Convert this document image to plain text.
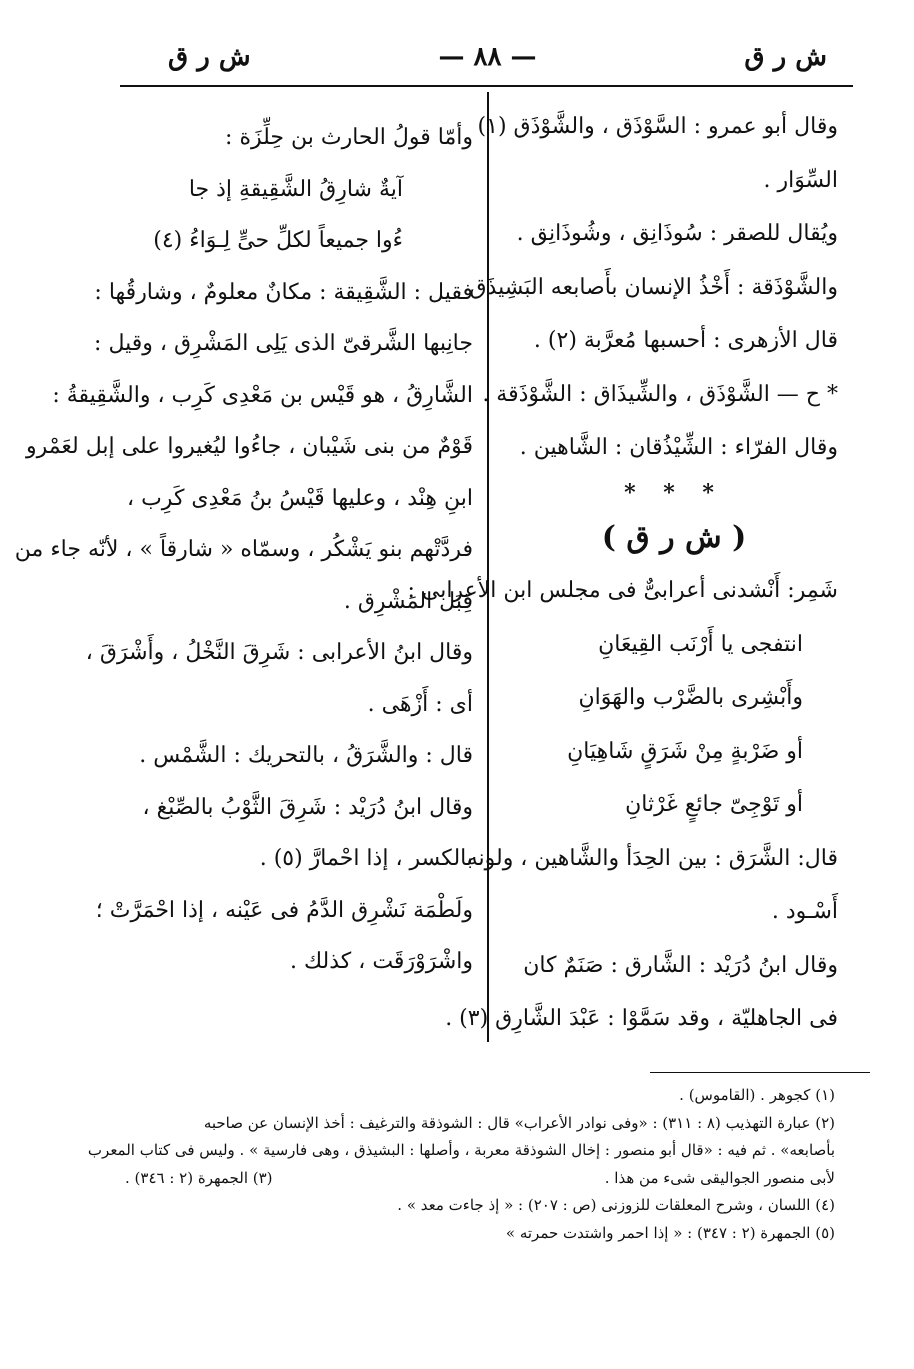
ش ر ق
— ٨٨ —
ش ر ق
وقال أبو عمرو : السَّوْذَق ، والشَّوْذَق (١)
السِّوَار .
ويُقال للصقر : سُوذَانِق ، وشُوذَانِق .
والشَّوْذَقة : أَخْذُ الإنسان بأَصابعه البَشِيذَق .
قال الأزهرى : أحسبها مُعرَّبة (٢) .
* ح — الشَّوْذَق ، والشِّيذَاق : الشَّوْذَقة .
وقال الفرّاء : الشِّيْذُقان : الشَّاهين .
* * *
( ش ر ق )
شَمِر: أَنْشدنى أعرابىٌّ فى مجلس ابن الأعرابى :
انتفجى يا أَرْنَب القِيعَانِ
وأَبْشِرى بالضَّرْب والهَوَانِ
أو ضَرْبةٍ مِنْ شَرَقٍ شَاهِيَانِ
أو تَوْجِىّ جائعٍ غَرْثانِ
قال: الشَّرَق : بين الحِدَأ والشَّاهين ، ولونه
أَسْـود .
وقال ابنُ دُرَيْد : الشَّارق : صَنَمٌ كان
فى الجاهليّة ، وقد سَمَّوْا : عَبْدَ الشَّارِق (٣) .
وأمّا قولُ الحارث بن حِلِّزَة :
آيةٌ شارِقُ الشَّقِيقةِ إذ جا
ءُوا جميعاً لكلِّ حىٍّ لِـوَاءُ (٤)
فقيل : الشَّقِيقة : مكانٌ معلومٌ ، وشارقُها :
جانِبها الشَّرقىّ الذى يَلِى المَشْرِق ، وقيل :
الشَّارِقُ ، هو قَيْس بن مَعْدِى كَرِب ، والشَّقِيقةُ :
قَوْمٌ من بنى شَيْبان ، جاءُوا ليُغيروا على إبل لعَمْرو
ابنِ هِنْد ، وعليها قَيْسُ بنُ مَعْدِى كَرِب ،
فردَّتْهم بنو يَشْكُر ، وسمّاه « شارقاً » ، لأنّه جاء من
قِبَل المَشْرِق .
وقال ابنُ الأعرابى : شَرِقَ النَّخْلُ ، وأَشْرَقَ ،
أى : أَزْهَى .
قال : والشَّرَقُ ، بالتحريك : الشَّمْس .
وقال ابنُ دُرَيْد : شَرِقَ الثَّوْبُ بالصِّبْغ ،
بالكسر ، إذا احْمارَّ (٥) .
ولَطْمَة نَشْرِق الدَّمُ فى عَيْنه ، إذا احْمَرَّتْ ؛
واشْرَوْرَقَت ، كذلك .
(١) كجوهر . (القاموس) .
(٢) عبارة التهذيب (٨ : ٣١١) : «وفى نوادر الأعراب» قال : الشوذقة والترغيف : أخذ الإنسان عن صاحبه
بأصابعه» . ثم فيه : «قال أبو منصور : إخال الشوذقة معربة ، وأصلها : البشيذق ، وهى فارسية » . وليس فى كتاب المعرب
لأبى منصور الجواليقى شىء من هذا .
(٣) الجمهرة (٢ : ٣٤٦) .
(٤) اللسان ، وشرح المعلقات للزوزنى (ص : ٢٠٧) : « إذ جاءت معد » .
(٥) الجمهرة (٢ : ٣٤٧) : « إذا احمر واشتدت حمرته »
